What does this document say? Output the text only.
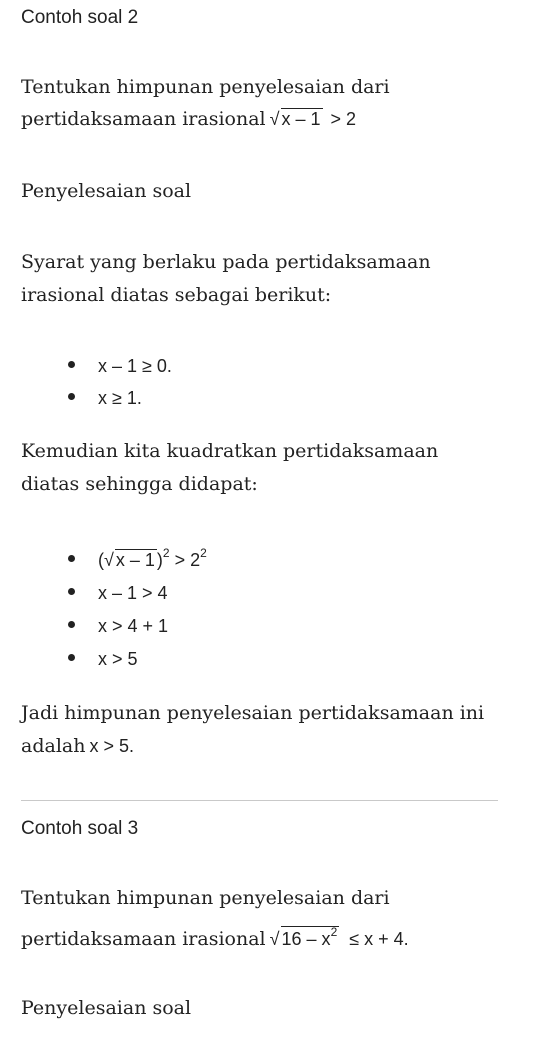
Contoh soal 2
Tentukan himpunan penyelesaian dari
pertidaksamaan irasional √ x – 1 > 2
Penyelesaian soal
Syarat yang berlaku pada pertidaksamaan
irasional diatas sebagai berikut:
x – 1 ≥ 0.
x ≥ 1.
Kemudian kita kuadratkan pertidaksamaan
diatas sehingga didapat:
(√ x – 1 )$^2 > 2^2$
x – 1 > 4
x > 4 + 1
x > 5
Jadi himpunan penyelesaian pertidaksamaan ini
adalah x > 5.
Contoh soal 3
Tentukan himpunan penyelesaian dari
pertidaksamaan irasional √ $16 - x^2 \le x + 4$.
Penyelesaian soal
